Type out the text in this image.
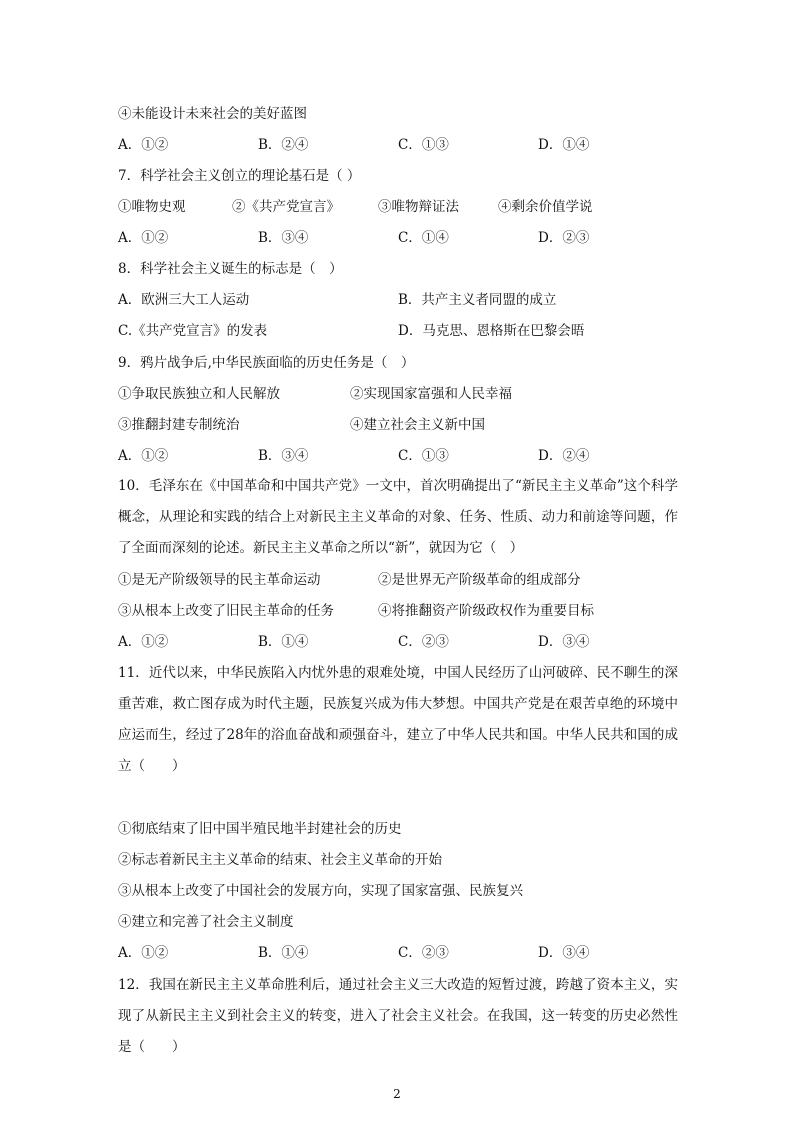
④未能设计未来社会的美好蓝图
A．①②	B．②④	C．①③	D．①④
7．科学社会主义创立的理论基石是（ ）
①唯物史观	②《共产党宣言》	③唯物辩证法	④剩余价值学说
A．①②	B．③④	C．①④	D．②③
8．科学社会主义诞生的标志是（　）
A．欧洲三大工人运动	B．共产主义者同盟的成立
C.《共产党宣言》的发表	D．马克思、恩格斯在巴黎会晤
9．鸦片战争后,中华民族面临的历史任务是（　）
①争取民族独立和人民解放	②实现国家富强和人民幸福
③推翻封建专制统治	④建立社会主义新中国
A．①②	B．③④	C．①③	D．②④
10．毛泽东在《中国革命和中国共产党》一文中，首次明确提出了“新民主主义革命”这个科学概念，从理论和实践的结合上对新民主主义革命的对象、任务、性质、动力和前途等问题，作了全面而深刻的论述。新民主主义革命之所以“新”，就因为它（　）
①是无产阶级领导的民主革命运动	②是世界无产阶级革命的组成部分
③从根本上改变了旧民主革命的任务	④将推翻资产阶级政权作为重要目标
A．①②	B．①④	C．②③	D．③④
11．近代以来，中华民族陷入内忧外患的艰难处境，中国人民经历了山河破碎、民不聊生的深重苦难，救亡图存成为时代主题，民族复兴成为伟大梦想。中国共产党是在艰苦卓绝的环境中应运而生，经过了28年的浴血奋战和顽强奋斗，建立了中华人民共和国。中华人民共和国的成立（　　）
①彻底结束了旧中国半殖民地半封建社会的历史
②标志着新民主主义革命的结束、社会主义革命的开始
③从根本上改变了中国社会的发展方向，实现了国家富强、民族复兴
④建立和完善了社会主义制度
A．①②	B．①④	C．②③	D．③④
12．我国在新民主主义革命胜利后，通过社会主义三大改造的短暂过渡，跨越了资本主义，实现了从新民主主义到社会主义的转变，进入了社会主义社会。在我国，这一转变的历史必然性是（　　）
2
